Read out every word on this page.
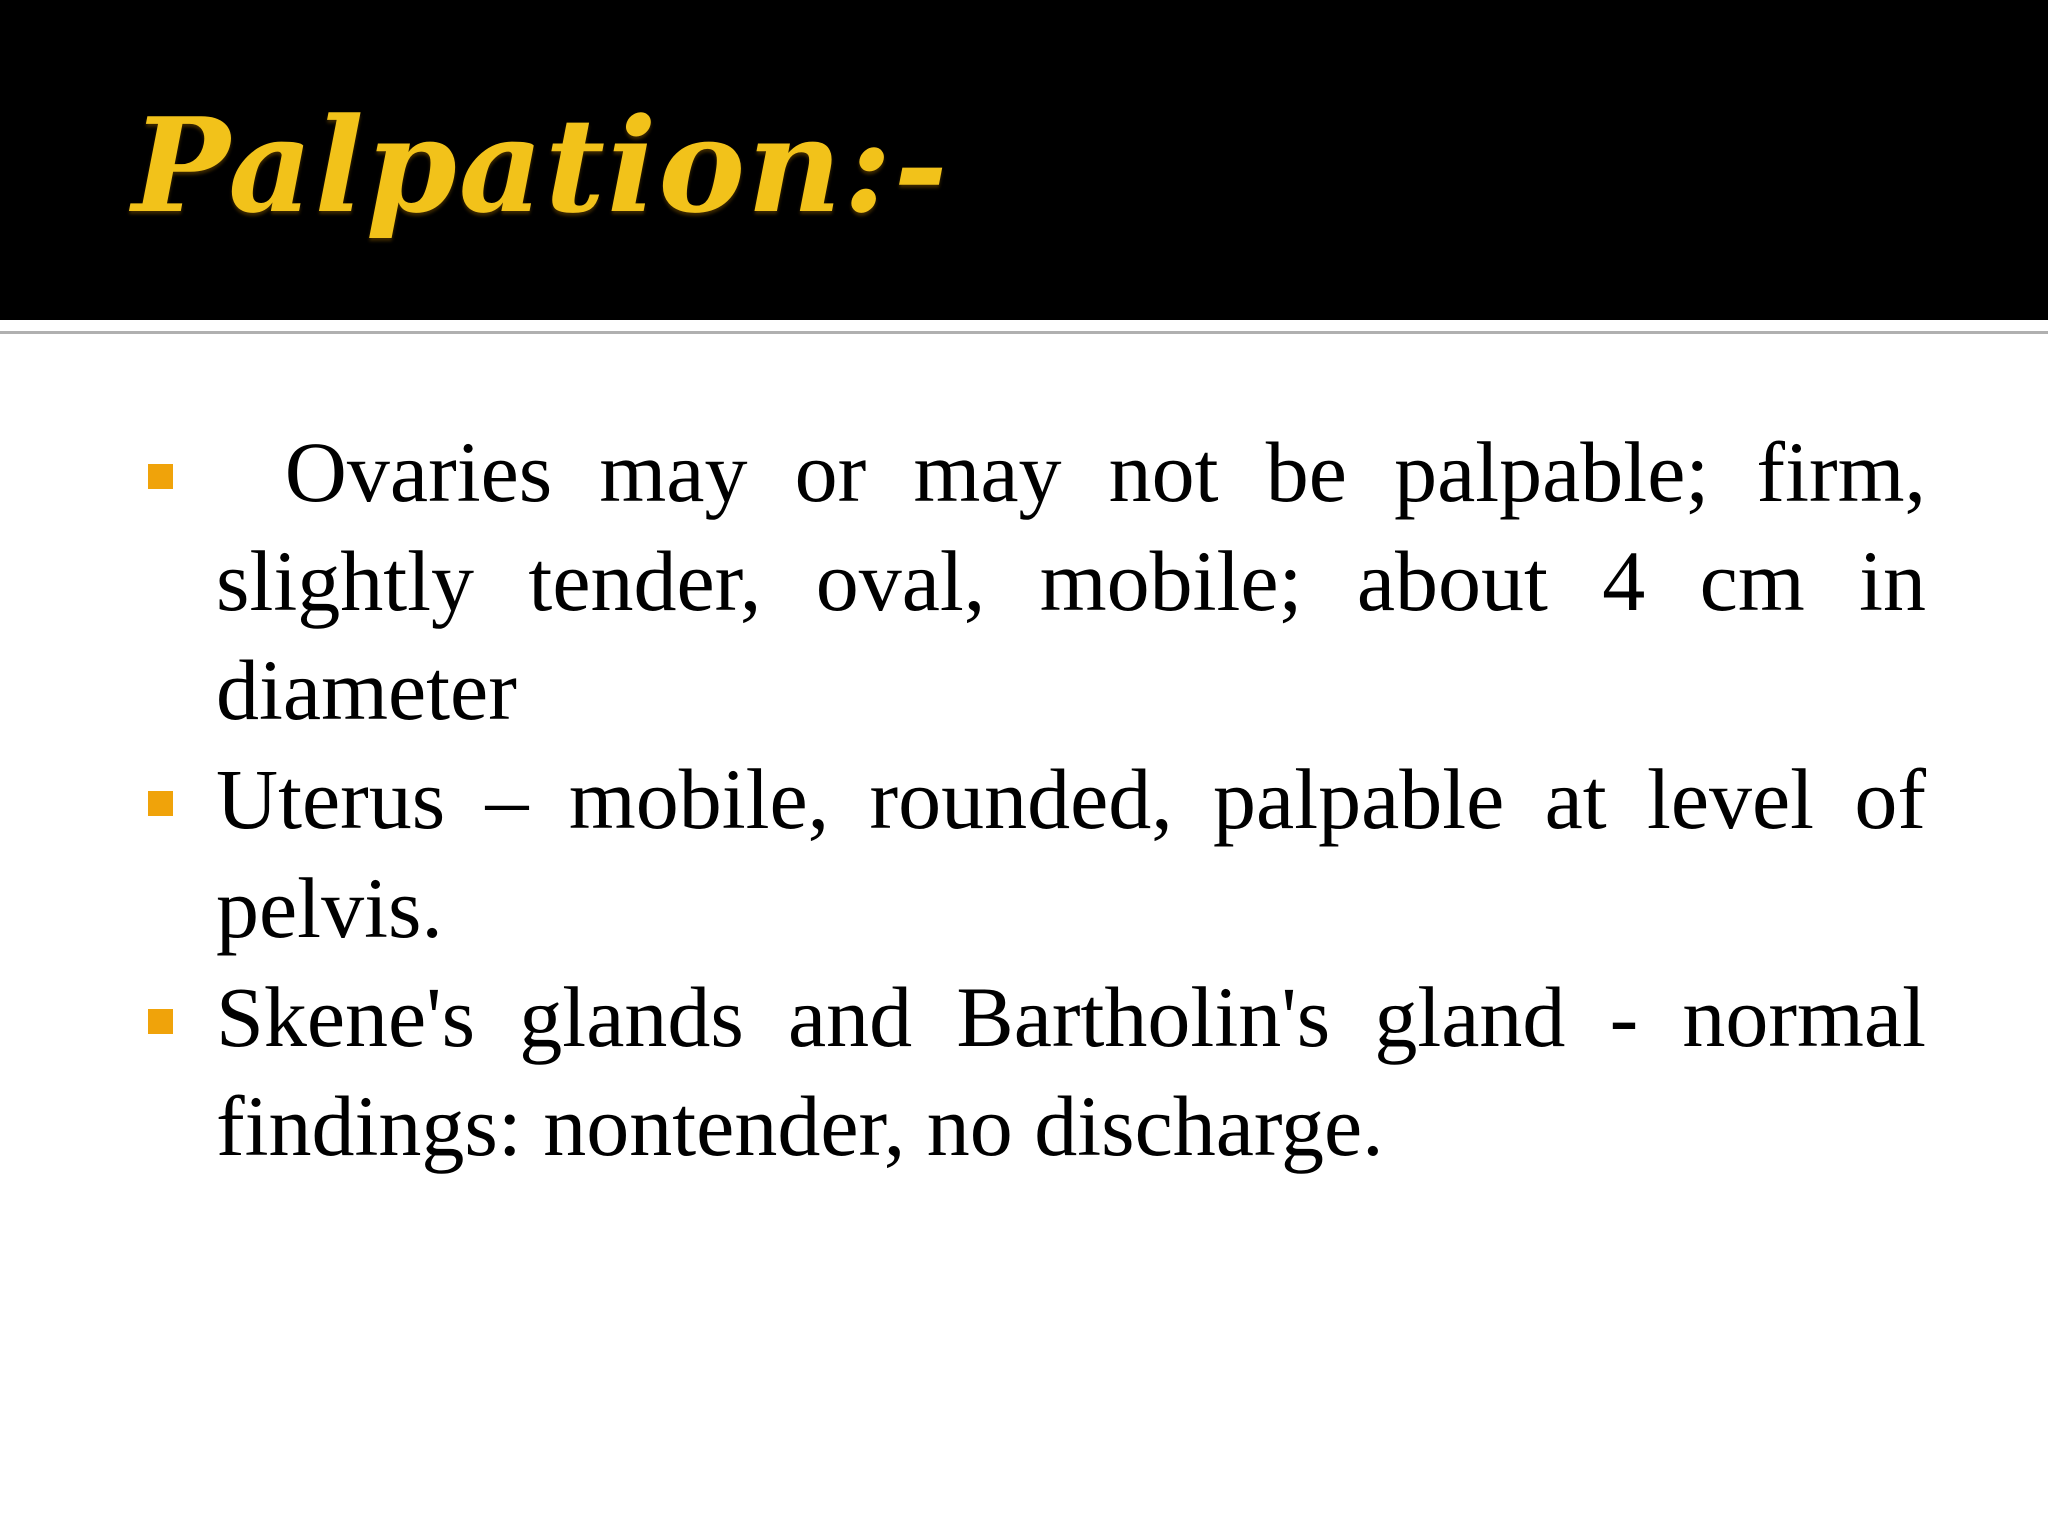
Palpation:-
Ovaries may or may not be palpable; firm, slightly tender, oval, mobile; about 4 cm in diameter
Uterus – mobile, rounded, palpable at level of pelvis.
Skene's glands and Bartholin's gland - normal findings: nontender, no discharge.
